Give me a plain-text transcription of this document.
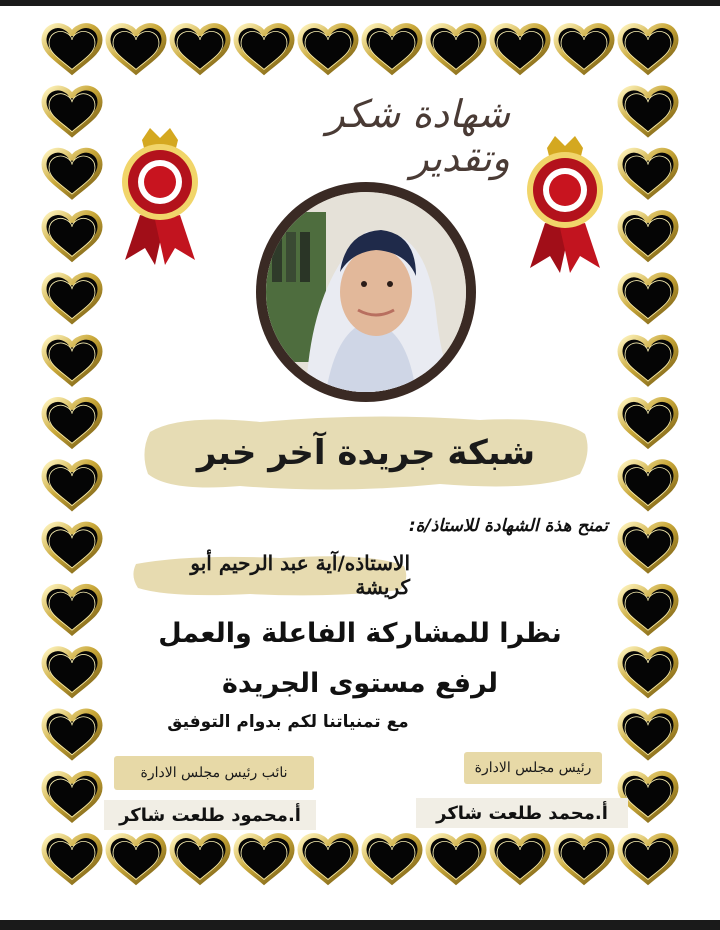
شهادة شكر وتقدير
شبكة جريدة آخر خبر
تمنح هذة الشهادة للاستاذ/ة:
الاستاذه/آية عبد الرحيم أبو كريشة
نظرا للمشاركة الفاعلة والعمل
لرفع مستوى الجريدة
مع تمنياتنا لكم بدوام التوفيق
نائب رئيس مجلس الادارة	رئيس مجلس الادارة
أ.محمود طلعت شاكر	أ.محمد طلعت شاكر
